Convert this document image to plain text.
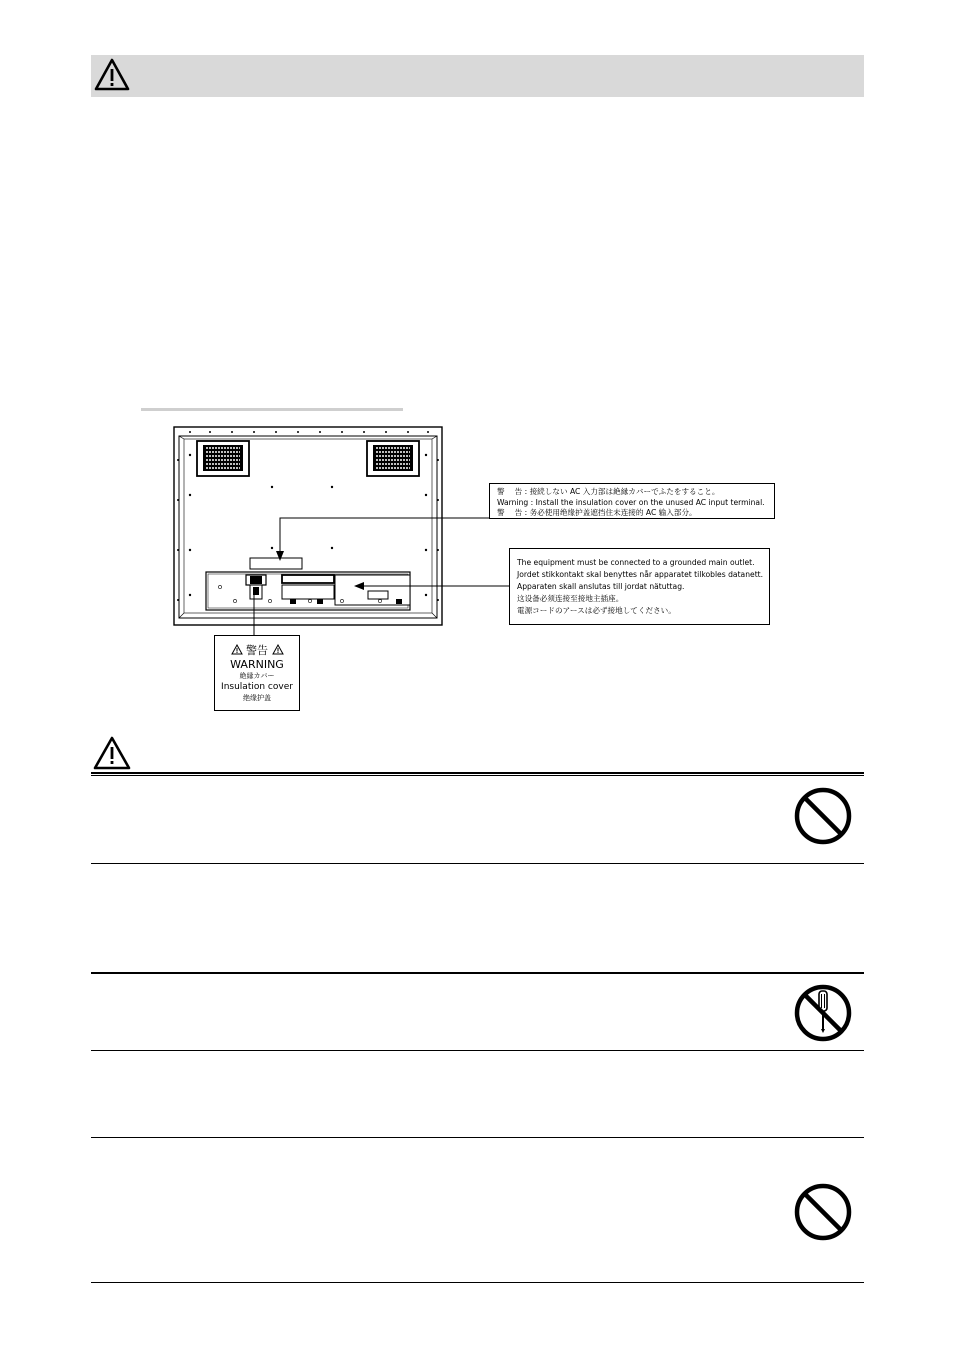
警　 告 : 接続しない AC 入力部は絶縁カバーでふたをすること。
Warning : Install the insulation cover on the unused AC input terminal.
警　 告 : 务必使用绝缘护盖遮挡住未连接的 AC 输入部分。
The equipment must be connected to a grounded main outlet.
Jordet stikkontakt skal benyttes når apparatet tilkobles datanett.
Apparaten skall anslutas till jordat nätuttag.
这设备必须连接至接地主插座。
電源コードのアースは必ず接地してください。
警告
WARNING
絶縁カバー
Insulation cover
绝缘护盖
